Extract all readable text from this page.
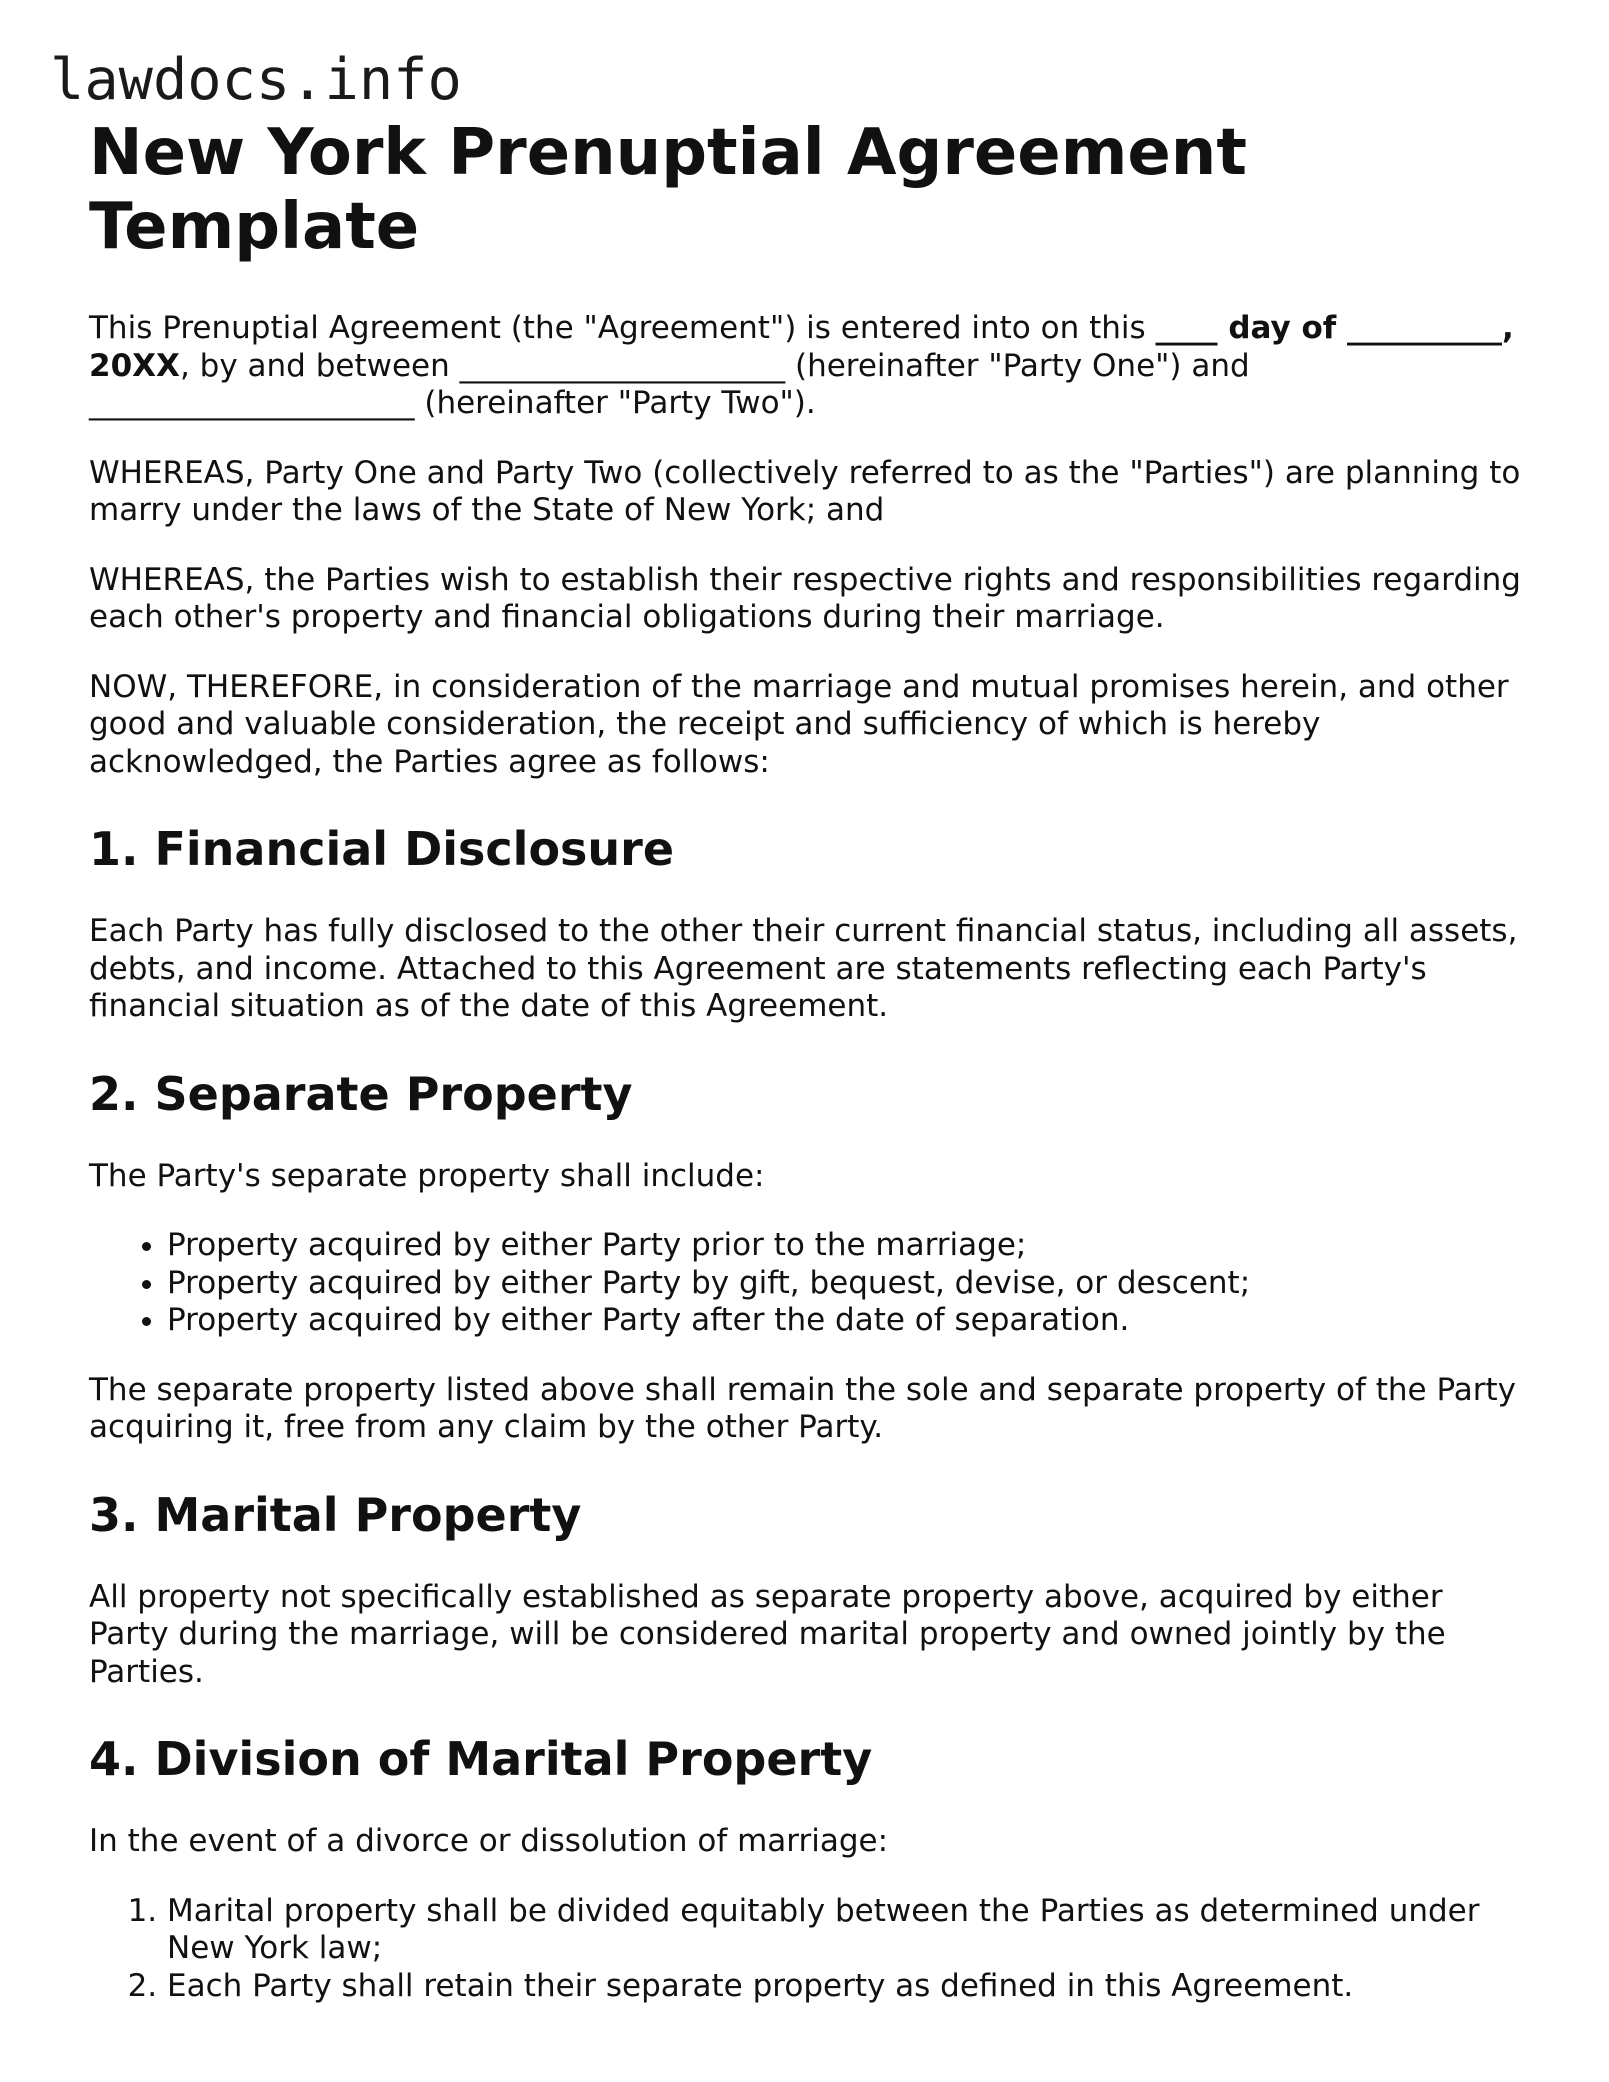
lawdocs.info
New York Prenuptial Agreement Template

This Prenuptial Agreement (the "Agreement") is entered into on this ____ day of __________, 20XX, by and between _____________________ (hereinafter "Party One") and _____________________ (hereinafter "Party Two").

WHEREAS, Party One and Party Two (collectively referred to as the "Parties") are planning to marry under the laws of the State of New York; and

WHEREAS, the Parties wish to establish their respective rights and responsibilities regarding each other's property and financial obligations during their marriage.

NOW, THEREFORE, in consideration of the marriage and mutual promises herein, and other good and valuable consideration, the receipt and sufficiency of which is hereby acknowledged, the Parties agree as follows:

1. Financial Disclosure

Each Party has fully disclosed to the other their current financial status, including all assets, debts, and income. Attached to this Agreement are statements reflecting each Party's financial situation as of the date of this Agreement.

2. Separate Property

The Party's separate property shall include:

• Property acquired by either Party prior to the marriage;
• Property acquired by either Party by gift, bequest, devise, or descent;
• Property acquired by either Party after the date of separation.

The separate property listed above shall remain the sole and separate property of the Party acquiring it, free from any claim by the other Party.

3. Marital Property

All property not specifically established as separate property above, acquired by either Party during the marriage, will be considered marital property and owned jointly by the Parties.

4. Division of Marital Property

In the event of a divorce or dissolution of marriage:

1. Marital property shall be divided equitably between the Parties as determined under New York law;
2. Each Party shall retain their separate property as defined in this Agreement.
